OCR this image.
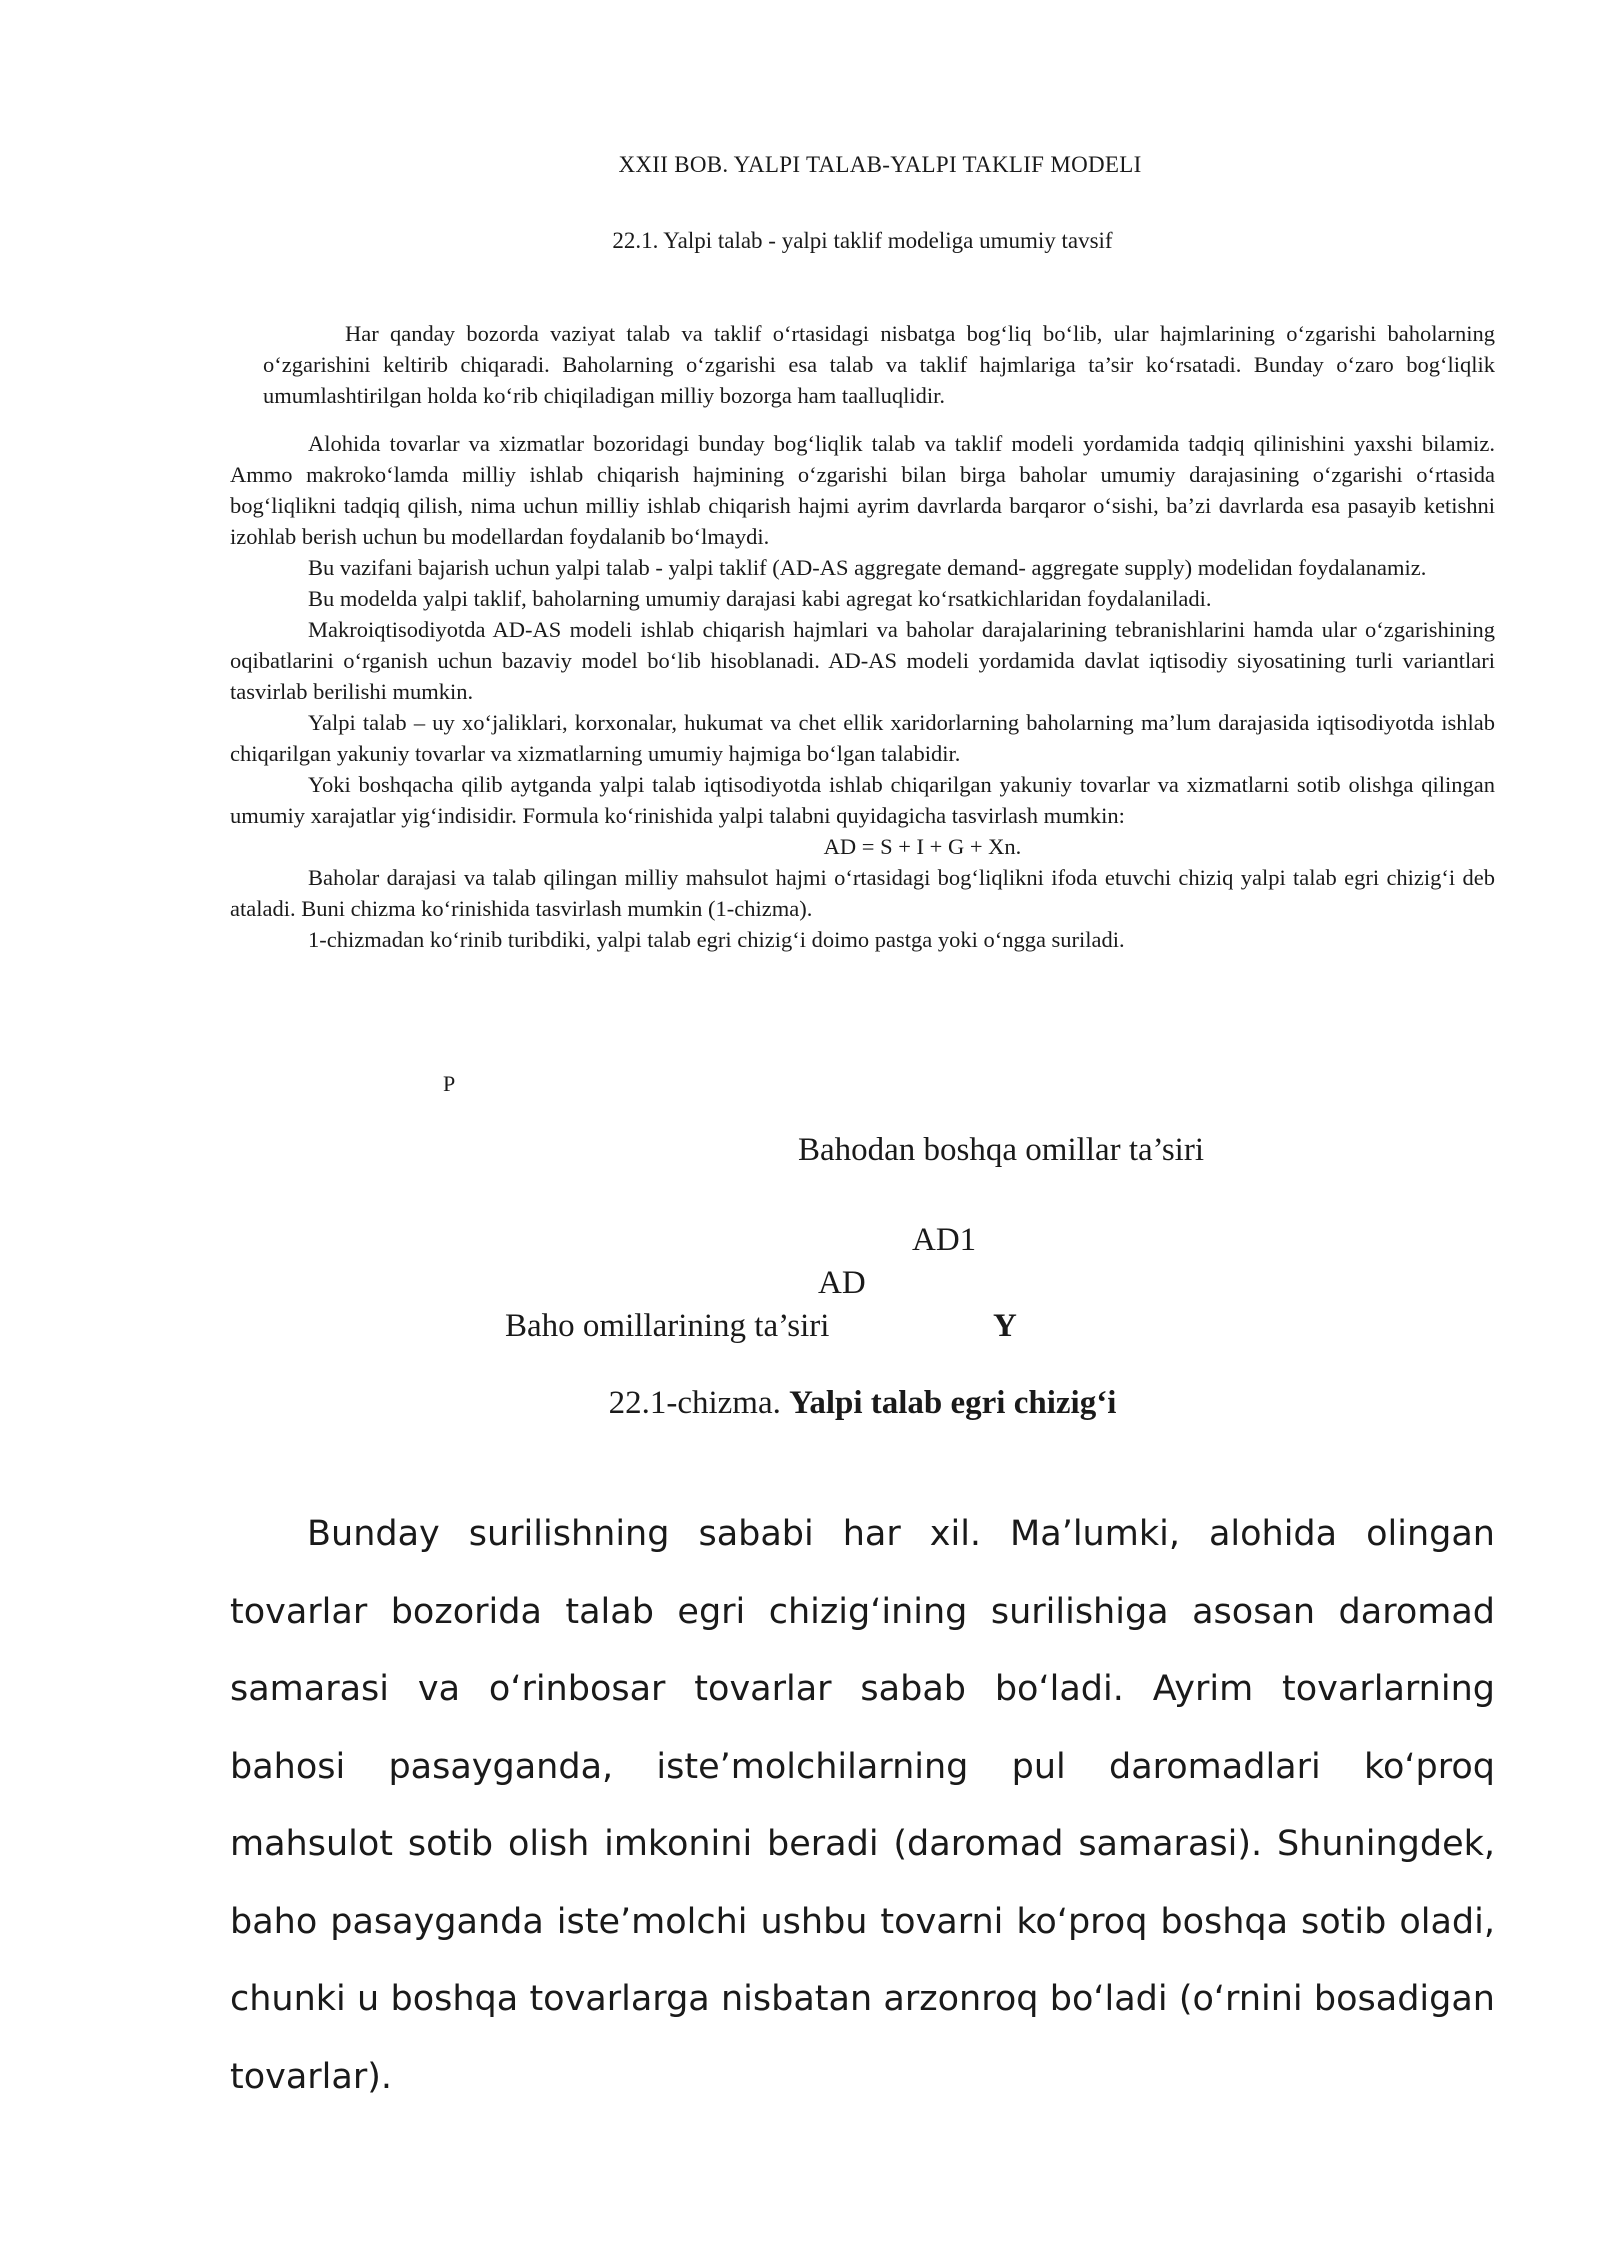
XXII BOB. YALPI TALAB-YALPI TAKLIF MODELI
22.1. Yalpi talab - yalpi taklif modeliga umumiy tavsif

Har qanday bozorda vaziyat talab va taklif o‘rtasidagi nisbatga bog‘liq bo‘lib, ular hajmlarining o‘zgarishi baholarning o‘zgarishini keltirib chiqaradi. Baholarning o‘zgarishi esa talab va taklif hajmlariga ta’sir ko‘rsatadi. Bunday o‘zaro bog‘liqlik umumlashtirilgan holda ko‘rib chiqiladigan milliy bozorga ham taalluqlidir.

Alohida tovarlar va xizmatlar bozoridagi bunday bog‘liqlik talab va taklif modeli yordamida tadqiq qilinishini yaxshi bilamiz. Ammo makroko‘lamda milliy ishlab chiqarish hajmining o‘zgarishi bilan birga baholar umumiy darajasining o‘zgarishi o‘rtasida bog‘liqlikni tadqiq qilish, nima uchun milliy ishlab chiqarish hajmi ayrim davrlarda barqaror o‘sishi, ba’zi davrlarda esa pasayib ketishni izohlab berish uchun bu modellardan foydalanib bo‘lmaydi.

Bu vazifani bajarish uchun yalpi talab - yalpi taklif (AD-AS aggregate demand- aggregate supply) modelidan foydalanamiz.

Bu modelda yalpi taklif, baholarning umumiy darajasi kabi agregat ko‘rsatkichlaridan foydalaniladi.

Makroiqtisodiyotda AD-AS modeli ishlab chiqarish hajmlari va baholar darajalarining tebranishlarini hamda ular o‘zgarishining oqibatlarini o‘rganish uchun bazaviy model bo‘lib hisoblanadi. AD-AS modeli yordamida davlat iqtisodiy siyosatining turli variantlari tasvirlab berilishi mumkin.

Yalpi talab – uy xo‘jaliklari, korxonalar, hukumat va chet ellik xaridorlarning baholarning ma’lum darajasida iqtisodiyotda ishlab chiqarilgan yakuniy tovarlar va xizmatlarning umumiy hajmiga bo‘lgan talabidir.

Yoki boshqacha qilib aytganda yalpi talab iqtisodiyotda ishlab chiqarilgan yakuniy tovarlar va xizmatlarni sotib olishga qilingan umumiy xarajatlar yig‘indisidir. Formula ko‘rinishida yalpi talabni quyidagicha tasvirlash mumkin:

AD = S + I + G + Xn.

Baholar darajasi va talab qilingan milliy mahsulot hajmi o‘rtasidagi bog‘liqlikni ifoda etuvchi chiziq yalpi talab egri chizig‘i deb ataladi. Buni chizma ko‘rinishida tasvirlash mumkin (1-chizma).

1-chizmadan ko‘rinib turibdiki, yalpi talab egri chizig‘i doimo pastga yoki o‘ngga suriladi.

P
Bahodan boshqa omillar ta’siri
AD1
AD
Baho omillarining ta’siri	Y
22.1-chizma. Yalpi talab egri chizig‘i

Bunday surilishning sababi har xil. Ma’lumki, alohida olingan tovarlar bozorida talab egri chizig‘ining surilishiga asosan daromad samarasi va o‘rinbosar tovarlar sabab bo‘ladi. Ayrim tovarlarning bahosi pasayganda, iste’molchilarning pul daromadlari ko‘proq mahsulot sotib olish imkonini beradi (daromad samarasi). Shuningdek, baho pasayganda iste’molchi ushbu tovarni ko‘proq boshqa sotib oladi, chunki u boshqa tovarlarga nisbatan arzonroq bo‘ladi (o‘rnini bosadigan tovarlar).
